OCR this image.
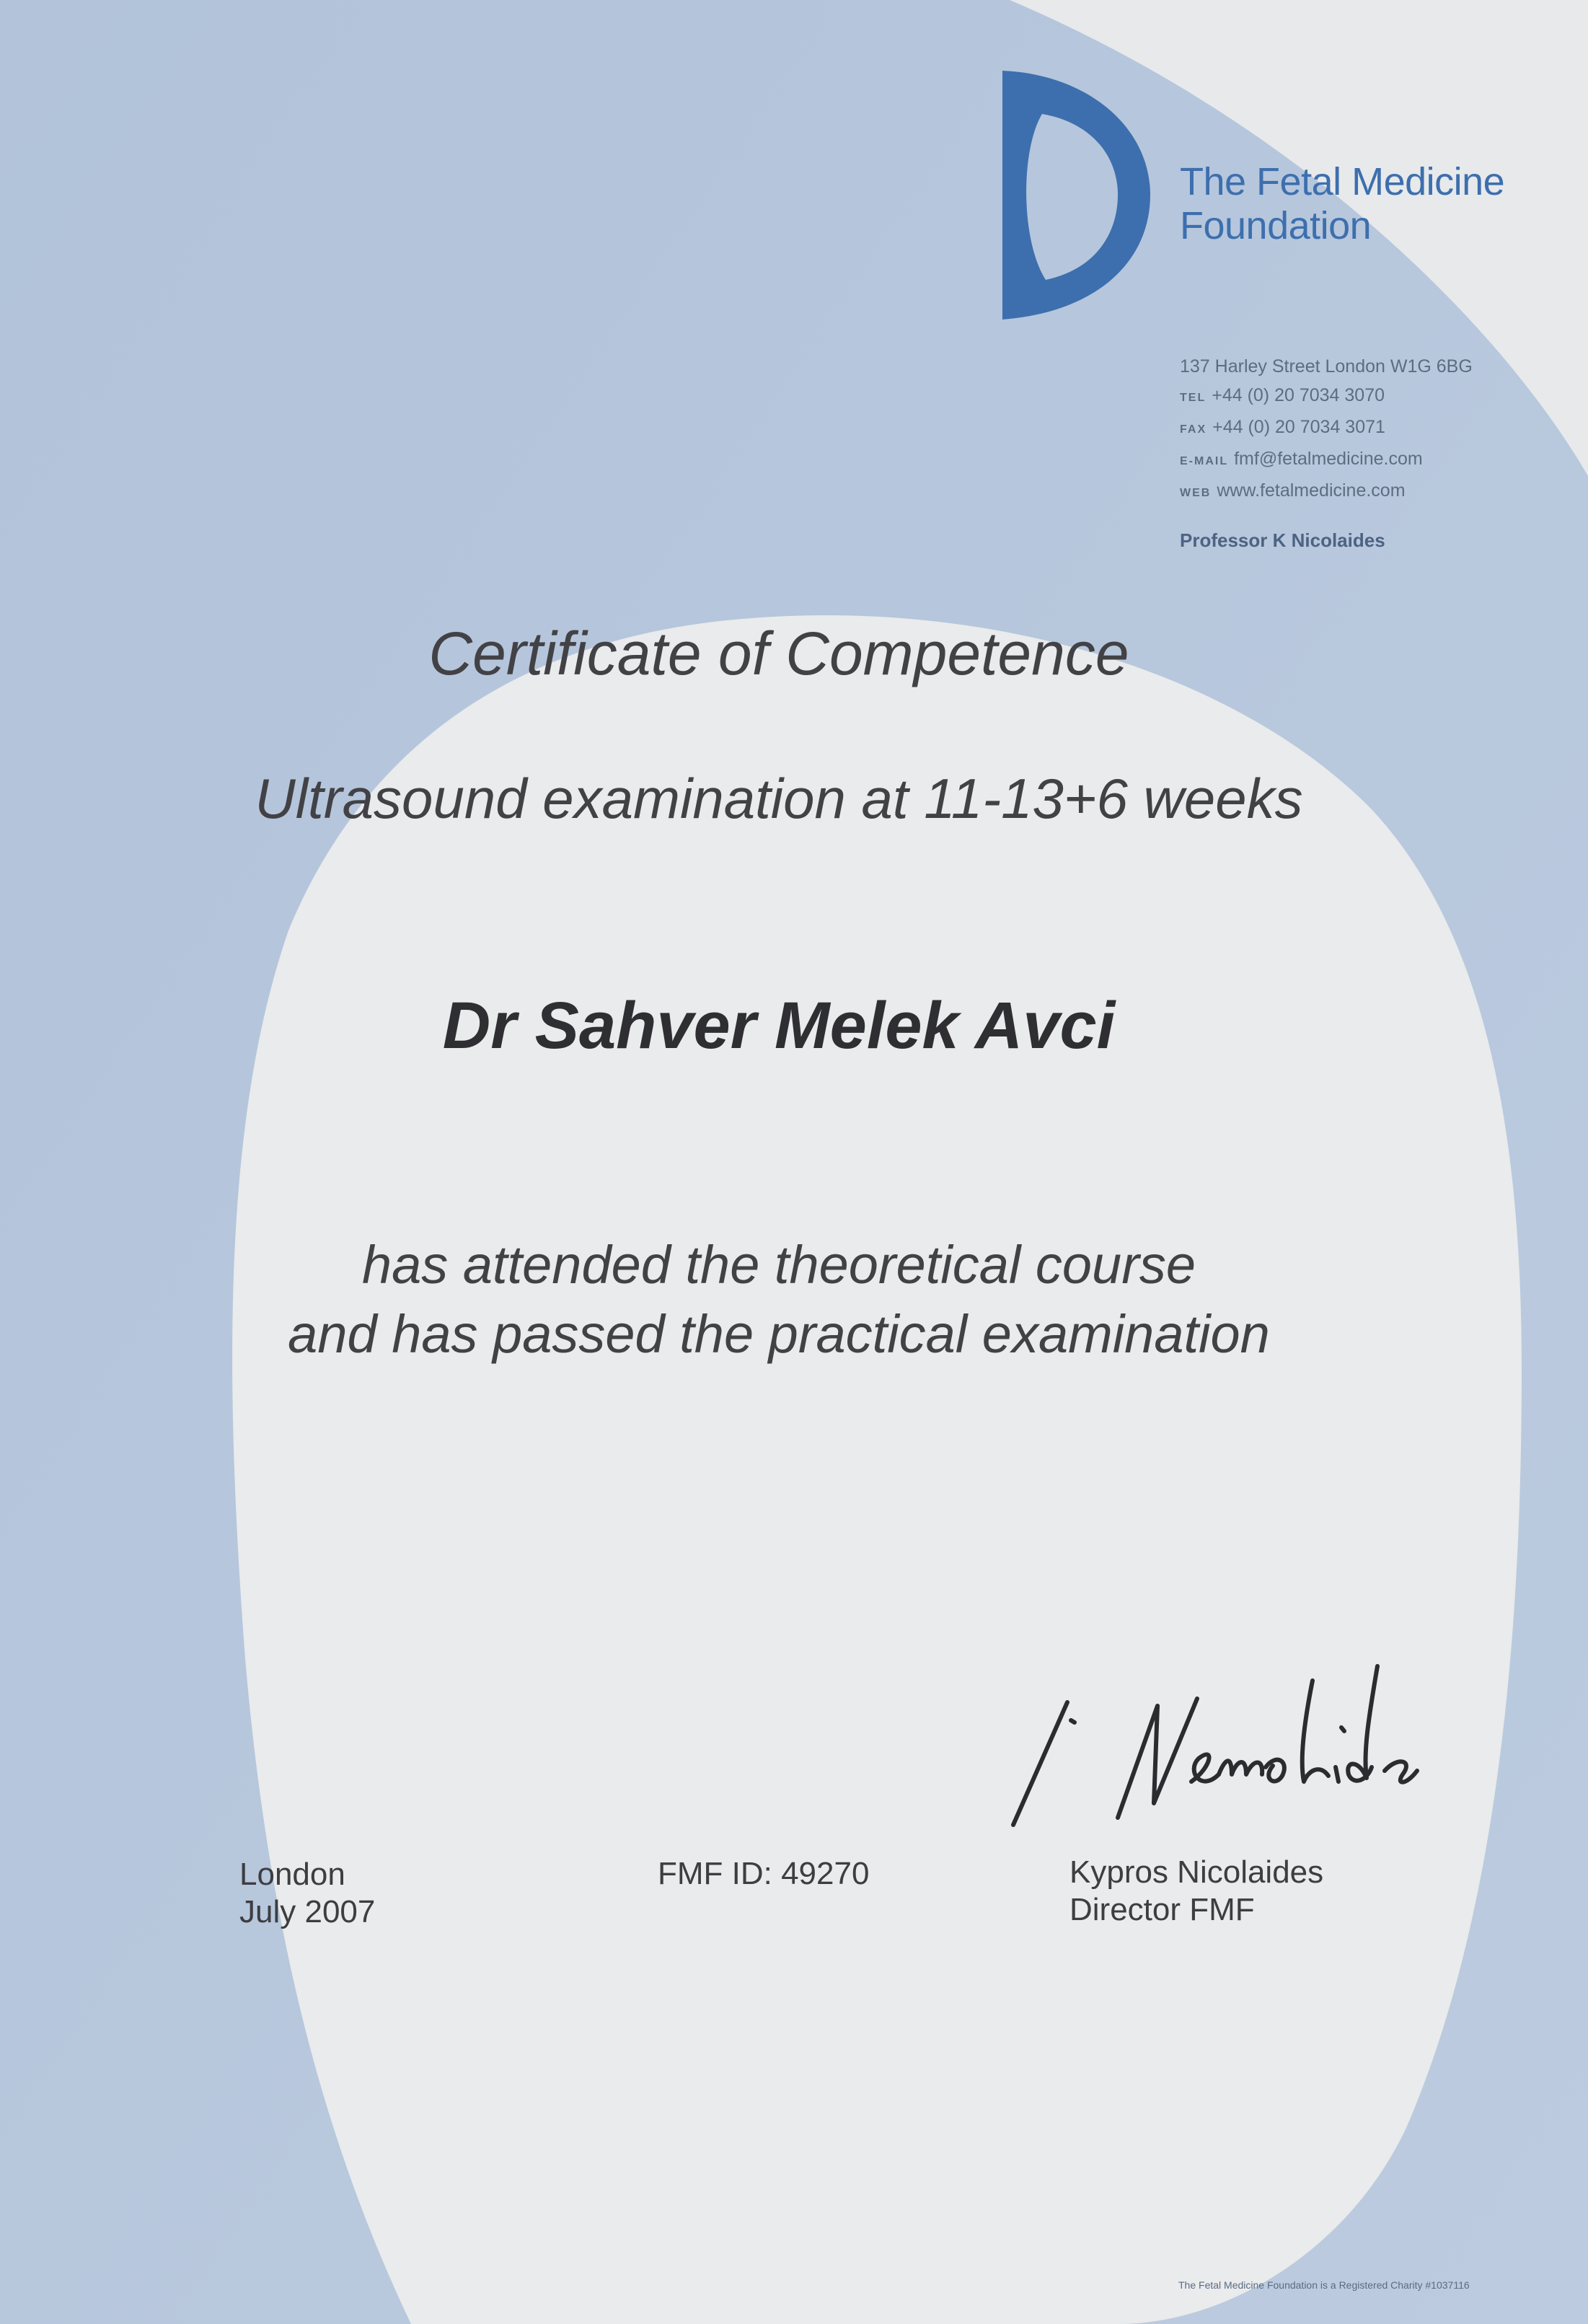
The Fetal Medicine
Foundation
137 Harley Street London W1G 6BG
TEL +44 (0) 20 7034 3070
FAX +44 (0) 20 7034 3071
E-MAIL fmf@fetalmedicine.com
WEB www.fetalmedicine.com
Professor K Nicolaides
Certificate of Competence
Ultrasound examination at 11-13+6 weeks
Dr Sahver Melek Avci
has attended the theoretical course
and has passed the practical examination
London
July 2007
FMF ID: 49270	Kypros Nicolaides
Director FMF
The Fetal Medicine Foundation is a Registered Charity #1037116
